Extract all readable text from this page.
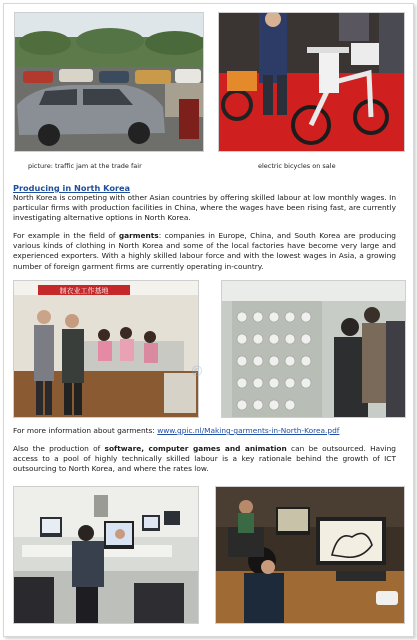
picture: traffic jam at the trade fair	electric bicycles on sale
Producing in North Korea

North Korea is competing with other Asian countries by offering skilled labour at low monthly wages. In particular firms with production facilities in China, where the wages have been rising fast, are currently investigating alternative options in North Korea.

For example in the field of garments: companies in Europe, China, and South Korea are producing various kinds of clothing in North Korea and some of the local factories have become very large and experienced exporters. With a highly skilled labour force and with the lowest wages in Asia, a growing number of foreign garment firms are currently operating in-country.

制衣业工作基地
©

For more information about garments: www.gpic.nl/Making-garments-in-North-Korea.pdf

Also the production of software, computer games and animation can be outsourced. Having access to a pool of highly technically skilled labour is a key rationale behind the growth of ICT outsourcing to North Korea, and where the rates low.
